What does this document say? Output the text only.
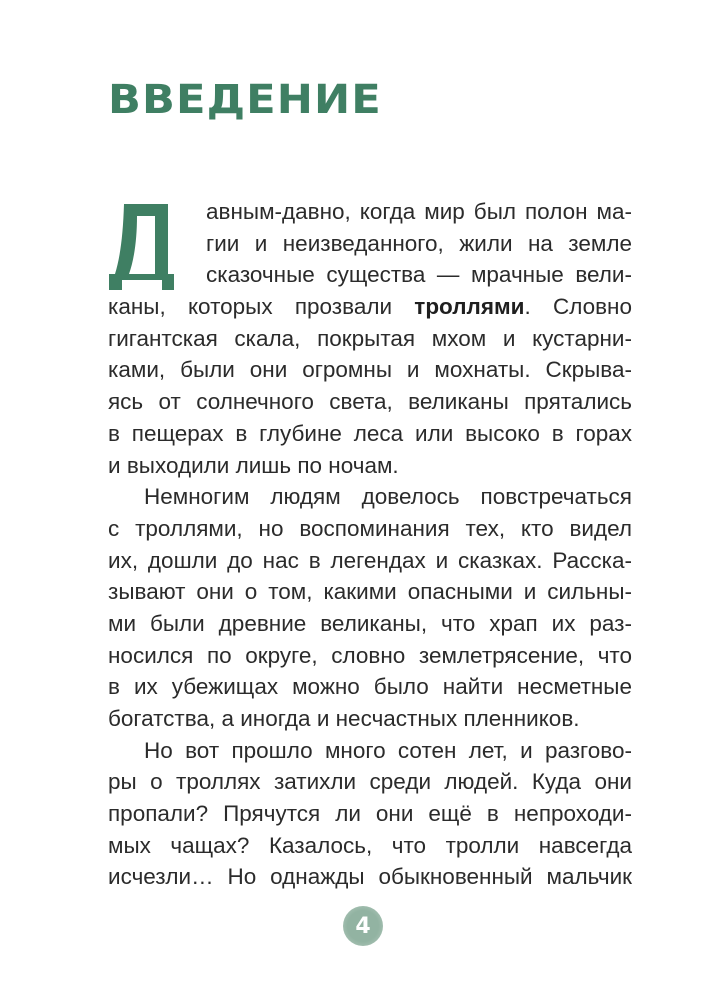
ВВЕДЕНИЕ
авным-давно, когда мир был полон ма-
гии и неизведанного, жили на земле
сказочные существа — мрачные вели-
каны, которых прозвали троллями. Словно
гигантская скала, покрытая мхом и кустарни-
ками, были они огромны и мохнаты. Скрыва-
ясь от солнечного света, великаны прятались
в пещерах в глубине леса или высоко в горах
и выходили лишь по ночам.
Немногим людям довелось повстречаться
с троллями, но воспоминания тех, кто видел
их, дошли до нас в легендах и сказках. Расска-
зывают они о том, какими опасными и сильны-
ми были древние великаны, что храп их раз-
носился по округе, словно землетрясение, что
в их убежищах можно было найти несметные
богатства, а иногда и несчастных пленников.
Но вот прошло много сотен лет, и разгово-
ры о троллях затихли среди людей. Куда они
пропали? Прячутся ли они ещё в непроходи-
мых чащах? Казалось, что тролли навсегда
исчезли… Но однажды обыкновенный мальчик
4
